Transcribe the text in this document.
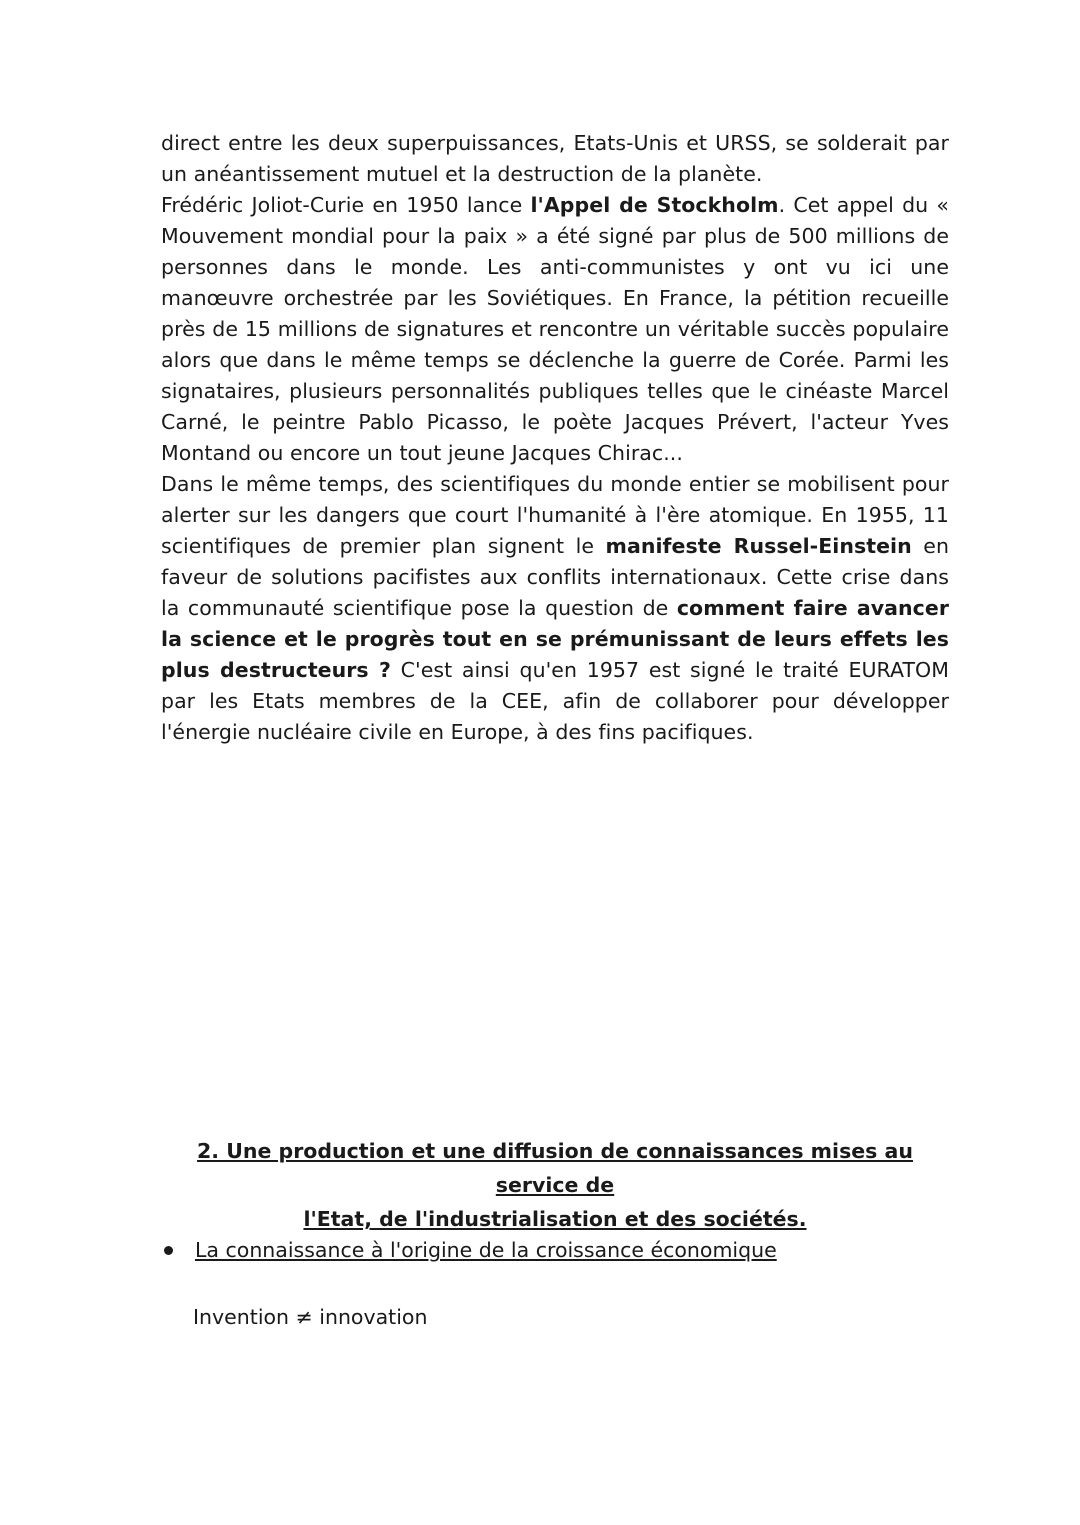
direct entre les deux superpuissances, Etats-Unis et URSS, se solderait par un anéantissement mutuel et la destruction de la planète.

Frédéric Joliot-Curie en 1950 lance l'Appel de Stockholm. Cet appel du « Mouvement mondial pour la paix » a été signé par plus de 500 millions de personnes dans le monde. Les anti-communistes y ont vu ici une manœuvre orchestrée par les Soviétiques. En France, la pétition recueille près de 15 millions de signatures et rencontre un véritable succès populaire alors que dans le même temps se déclenche la guerre de Corée. Parmi les signataires, plusieurs personnalités publiques telles que le cinéaste Marcel Carné, le peintre Pablo Picasso, le poète Jacques Prévert, l'acteur Yves Montand ou encore un tout jeune Jacques Chirac...

Dans le même temps, des scientifiques du monde entier se mobilisent pour alerter sur les dangers que court l'humanité à l'ère atomique. En 1955, 11 scientifiques de premier plan signent le manifeste Russel-Einstein en faveur de solutions pacifistes aux conflits internationaux. Cette crise dans la communauté scientifique pose la question de comment faire avancer la science et le progrès tout en se prémunissant de leurs effets les plus destructeurs ? C'est ainsi qu'en 1957 est signé le traité EURATOM par les Etats membres de la CEE, afin de collaborer pour développer l'énergie nucléaire civile en Europe, à des fins pacifiques.

2. Une production et une diffusion de connaissances mises au service de
l'Etat, de l'industrialisation et des sociétés.
La connaissance à l'origine de la croissance économique
Invention ≠ innovation
